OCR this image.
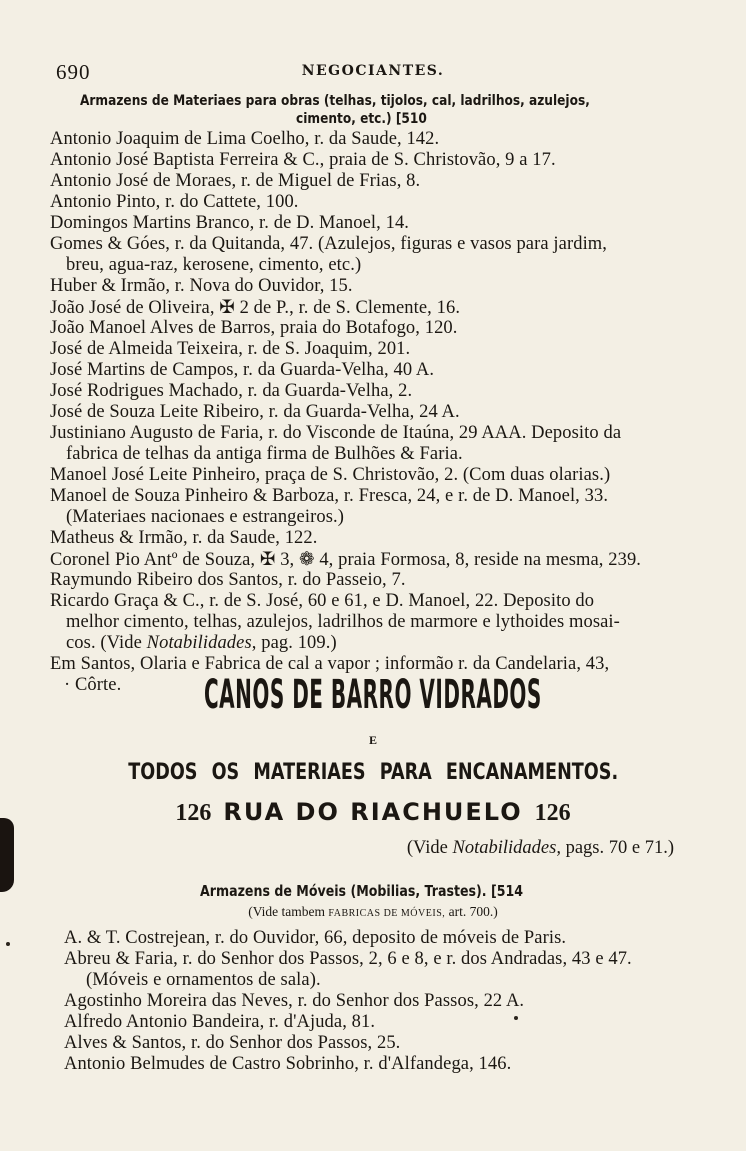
690	NEGOCIANTES.
Armazens de Materiaes para obras (telhas, tijolos, cal, ladrilhos, azulejos,
cimento, etc.) [510
Antonio Joaquim de Lima Coelho, r. da Saude, 142.
Antonio José Baptista Ferreira & C., praia de S. Christovão, 9 a 17.
Antonio José de Moraes, r. de Miguel de Frias, 8.
Antonio Pinto, r. do Cattete, 100.
Domingos Martins Branco, r. de D. Manoel, 14.
Gomes & Góes, r. da Quitanda, 47. (Azulejos, figuras e vasos para jardim,
breu, agua-raz, kerosene, cimento, etc.)
Huber & Irmão, r. Nova do Ouvidor, 15.
João José de Oliveira, ✠ 2 de P., r. de S. Clemente, 16.
João Manoel Alves de Barros, praia do Botafogo, 120.
José de Almeida Teixeira, r. de S. Joaquim, 201.
José Martins de Campos, r. da Guarda-Velha, 40 A.
José Rodrigues Machado, r. da Guarda-Velha, 2.
José de Souza Leite Ribeiro, r. da Guarda-Velha, 24 A.
Justiniano Augusto de Faria, r. do Visconde de Itaúna, 29 AAA. Deposito da
fabrica de telhas da antiga firma de Bulhões & Faria.
Manoel José Leite Pinheiro, praça de S. Christovão, 2. (Com duas olarias.)
Manoel de Souza Pinheiro & Barboza, r. Fresca, 24, e r. de D. Manoel, 33.
(Materiaes nacionaes e estrangeiros.)
Matheus & Irmão, r. da Saude, 122.
Coronel Pio Antº de Souza, ✠ 3, ❁ 4, praia Formosa, 8, reside na mesma, 239.
Raymundo Ribeiro dos Santos, r. do Passeio, 7.
Ricardo Graça & C., r. de S. José, 60 e 61, e D. Manoel, 22. Deposito do
melhor cimento, telhas, azulejos, ladrilhos de marmore e lythoides mosai-
cos. (Vide Notabilidades, pag. 109.)
Em Santos, Olaria e Fabrica de cal a vapor ; informão r. da Candelaria, 43,
· Côrte.	CANOS DE BARRO VIDRADOS
E
TODOS OS MATERIAES PARA ENCANAMENTOS.
126 RUA DO RIACHUELO 126
(Vide Notabilidades, pags. 70 e 71.)
Armazens de Móveis (Mobilias, Trastes). [514
(Vide tambem FABRICAS DE MÓVEIS, art. 700.)
A. & T. Costrejean, r. do Ouvidor, 66, deposito de móveis de Paris.
Abreu & Faria, r. do Senhor dos Passos, 2, 6 e 8, e r. dos Andradas, 43 e 47.
(Móveis e ornamentos de sala).
Agostinho Moreira das Neves, r. do Senhor dos Passos, 22 A.
Alfredo Antonio Bandeira, r. d'Ajuda, 81.
Alves & Santos, r. do Senhor dos Passos, 25.
Antonio Belmudes de Castro Sobrinho, r. d'Alfandega, 146.
